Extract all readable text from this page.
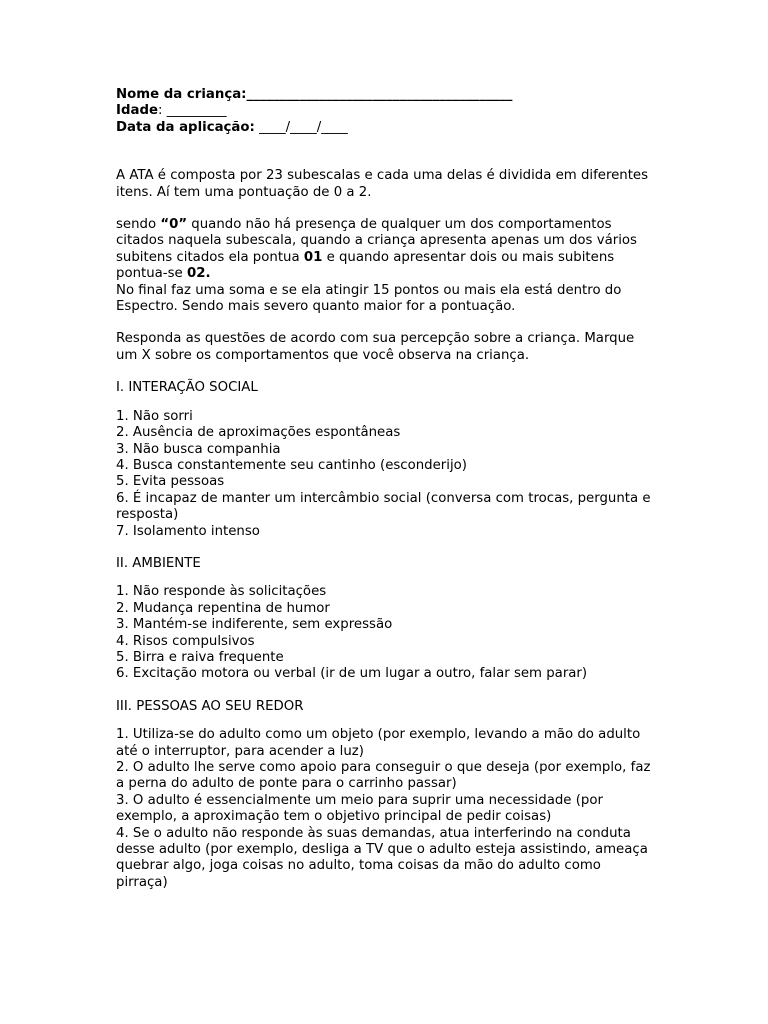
Nome da criança:________________________________________

Idade: _________

Data da aplicação: ____/____/____

A ATA é composta por 23 subescalas e cada uma delas é dividida em diferentes itens. Aí tem uma pontuação de 0 a 2.

sendo “0” quando não há presença de qualquer um dos comportamentos citados naquela subescala, quando a criança apresenta apenas um dos vários subitens citados ela pontua 01 e quando apresentar dois ou mais subitens pontua-se 02.

No final faz uma soma e se ela atingir 15 pontos ou mais ela está dentro do Espectro. Sendo mais severo quanto maior for a pontuação.

Responda as questões de acordo com sua percepção sobre a criança. Marque um X sobre os comportamentos que você observa na criança.

I. INTERAÇÃO SOCIAL
1. Não sorri
2. Ausência de aproximações espontâneas
3. Não busca companhia
4. Busca constantemente seu cantinho (esconderijo)
5. Evita pessoas
6. É incapaz de manter um intercâmbio social (conversa com trocas, pergunta e resposta)
7. Isolamento intenso
II. AMBIENTE
1. Não responde às solicitações
2. Mudança repentina de humor
3. Mantém-se indiferente, sem expressão
4. Risos compulsivos
5. Birra e raiva frequente
6. Excitação motora ou verbal (ir de um lugar a outro, falar sem parar)
III. PESSOAS AO SEU REDOR
1. Utiliza-se do adulto como um objeto (por exemplo, levando a mão do adulto até o interruptor, para acender a luz)
2. O adulto lhe serve como apoio para conseguir o que deseja (por exemplo, faz a perna do adulto de ponte para o carrinho passar)
3. O adulto é essencialmente um meio para suprir uma necessidade (por exemplo, a aproximação tem o objetivo principal de pedir coisas)
4. Se o adulto não responde às suas demandas, atua interferindo na conduta desse adulto (por exemplo, desliga a TV que o adulto esteja assistindo, ameaça quebrar algo, joga coisas no adulto, toma coisas da mão do adulto como pirraça)
